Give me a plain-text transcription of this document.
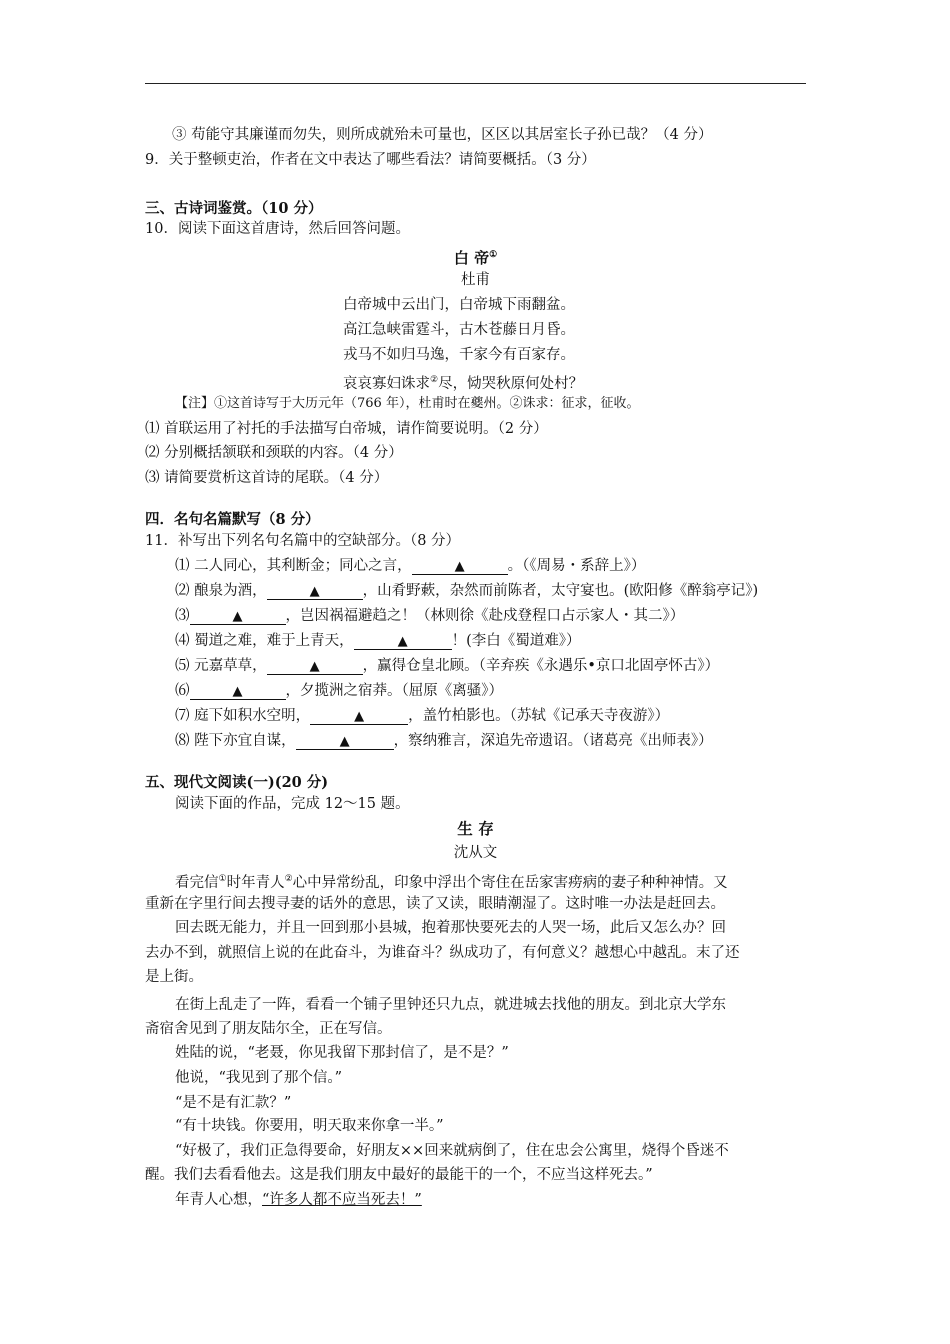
③ 苟能守其廉谨而勿失，则所成就殆未可量也，区区以其居室长子孙已哉？（4 分）
9．关于整顿吏治，作者在文中表达了哪些看法？请简要概括。（3 分）
三、古诗词鉴赏。（10 分）
10．阅读下面这首唐诗，然后回答问题。
白 帝①
杜甫
白帝城中云出门，白帝城下雨翻盆。
高江急峡雷霆斗，古木苍藤日月昏。
戎马不如归马逸，千家今有百家存。
哀哀寡妇诛求②尽，恸哭秋原何处村？
【注】①这首诗写于大历元年（766 年），杜甫时在夔州。②诛求：征求，征收。
⑴ 首联运用了衬托的手法描写白帝城，请作简要说明。（2 分）
⑵ 分别概括颔联和颈联的内容。（4 分）
⑶ 请简要赏析这首诗的尾联。（4 分）
四．名句名篇默写（8 分）
11．补写出下列名句名篇中的空缺部分。（8 分）
⑴ 二人同心，其利断金；同心之言，	▲	。（《周易・系辞上》）
⑵ 酿泉为酒，	▲	，山肴野蔌，杂然而前陈者，太守宴也。(欧阳修《醉翁亭记》)
⑶	▲	，岂因祸福避趋之！（林则徐《赴戍登程口占示家人・其二》）
⑷ 蜀道之难，难于上青天，	▲	！(李白《蜀道难》）
⑸ 元嘉草草，	▲	，赢得仓皇北顾。（辛弃疾《永遇乐•京口北固亭怀古》）
⑹	▲	，夕揽洲之宿莽。（屈原《离骚》）
⑺ 庭下如积水空明，	▲	，盖竹柏影也。（苏轼《记承天寺夜游》）
⑻ 陛下亦宜自谋，	▲	，察纳雅言，深追先帝遗诏。（诸葛亮《出师表》）
五、现代文阅读(一)(20 分)
阅读下面的作品，完成 12～15 题。
生 存
沈从文
看完信①时年青人②心中异常纷乱，印象中浮出个寄住在岳家害痨病的妻子种种神情。又
重新在字里行间去搜寻妻的话外的意思，读了又读，眼睛潮湿了。这时唯一办法是赶回去。
回去既无能力，并且一回到那小县城，抱着那快要死去的人哭一场，此后又怎么办？回
去办不到，就照信上说的在此奋斗，为谁奋斗？纵成功了，有何意义？越想心中越乱。末了还
是上街。
在街上乱走了一阵，看看一个铺子里钟还只九点，就进城去找他的朋友。到北京大学东
斋宿舍见到了朋友陆尔全，正在写信。
姓陆的说，“老聂，你见我留下那封信了，是不是？”
他说，“我见到了那个信。”
“是不是有汇款？”
“有十块钱。你要用，明天取来你拿一半。”
“好极了，我们正急得要命，好朋友××回来就病倒了，住在忠会公寓里，烧得个昏迷不
醒。我们去看看他去。这是我们朋友中最好的最能干的一个，不应当这样死去。”
年青人心想，“许多人都不应当死去！”
